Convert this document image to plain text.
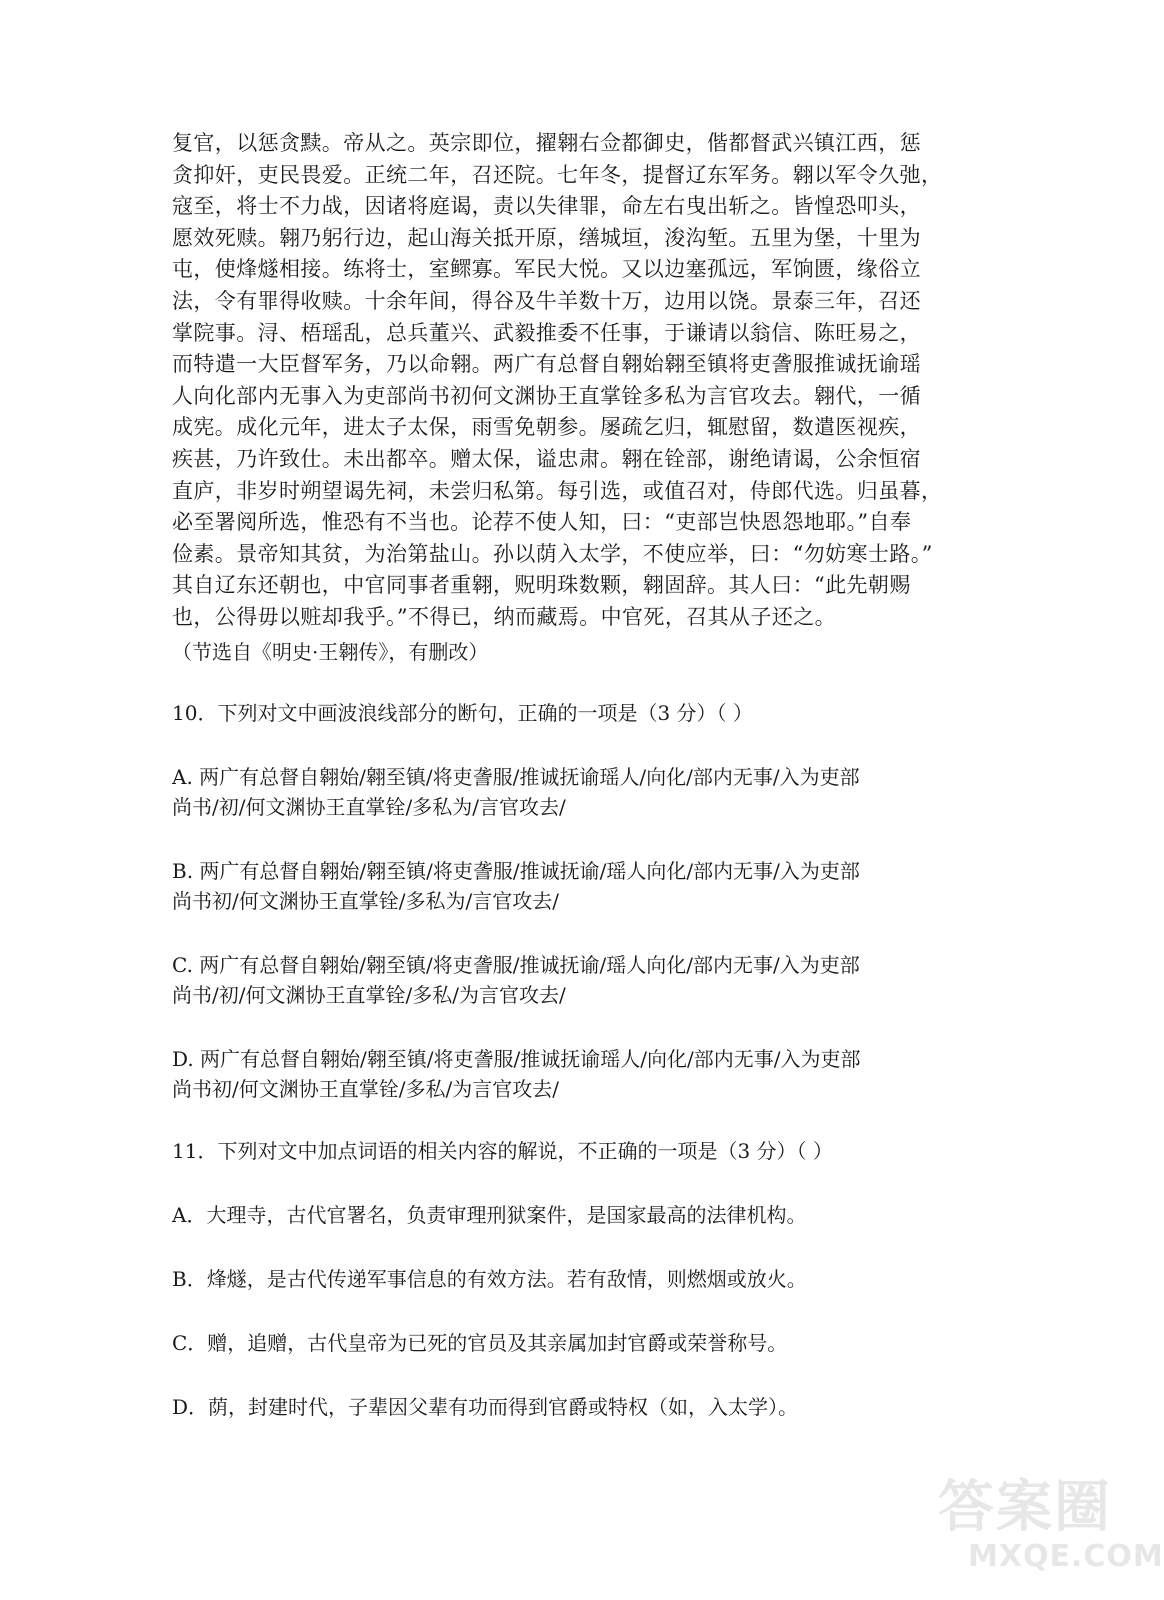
复官，以惩贪黩。帝从之。英宗即位，擢翱右佥都御史，偕都督武兴镇江西，惩
贪抑奸，吏民畏爱。正统二年，召还院。七年冬，提督辽东军务。翱以军令久弛，
寇至，将士不力战，因诸将庭谒，责以失律罪，命左右曳出斩之。皆惶恐叩头，
愿效死赎。翱乃躬行边，起山海关抵开原，缮城垣，浚沟堑。五里为堡，十里为
屯，使烽燧相接。练将士，室鳏寡。军民大悦。又以边塞孤远，军饷匮，缘俗立
法，令有罪得收赎。十余年间，得谷及牛羊数十万，边用以饶。景泰三年，召还
掌院事。浔、梧瑶乱，总兵董兴、武毅推委不任事，于谦请以翁信、陈旺易之，
而特遣一大臣督军务，乃以命翱。两广有总督自翱始翱至镇将吏詟服推诚抚谕瑶
人向化部内无事入为吏部尚书初何文渊协王直掌铨多私为言官攻去。翱代，一循
成宪。成化元年，进太子太保，雨雪免朝参。屡疏乞归，辄慰留，数遣医视疾，
疾甚，乃许致仕。未出都卒。赠太保，谥忠肃。翱在铨部，谢绝请谒，公余恒宿
直庐，非岁时朔望谒先祠，未尝归私第。每引选，或值召对，侍郎代选。归虽暮，
必至署阅所选，惟恐有不当也。论荐不使人知，曰：“吏部岂快恩怨地耶。”自奉
俭素。景帝知其贫，为治第盐山。孙以荫入太学，不使应举，曰：“勿妨寒士路。”
其自辽东还朝也，中官同事者重翱，贶明珠数颗，翱固辞。其人曰：“此先朝赐
也，公得毋以赃却我乎。”不得已，纳而藏焉。中官死，召其从子还之。

（节选自《明史·王翱传》，有删改）

10．下列对文中画波浪线部分的断句，正确的一项是（3 分）（ ）

A. 两广有总督自翱始/翱至镇/将吏詟服/推诚抚谕瑶人/向化/部内无事/入为吏部
尚书/初/何文渊协王直掌铨/多私为/言官攻去/
B. 两广有总督自翱始/翱至镇/将吏詟服/推诚抚谕/瑶人向化/部内无事/入为吏部
尚书初/何文渊协王直掌铨/多私为/言官攻去/
C. 两广有总督自翱始/翱至镇/将吏詟服/推诚抚谕/瑶人向化/部内无事/入为吏部
尚书/初/何文渊协王直掌铨/多私/为言官攻去/
D. 两广有总督自翱始/翱至镇/将吏詟服/推诚抚谕瑶人/向化/部内无事/入为吏部
尚书初/何文渊协王直掌铨/多私/为言官攻去/

11．下列对文中加点词语的相关内容的解说，不正确的一项是（3 分）（ ）

A．大理寺，古代官署名，负责审理刑狱案件，是国家最高的法律机构。

B．烽燧，是古代传递军事信息的有效方法。若有敌情，则燃烟或放火。

C．赠，追赠，古代皇帝为已死的官员及其亲属加封官爵或荣誉称号。

D．荫，封建时代，子辈因父辈有功而得到官爵或特权（如，入太学）。

答案圈
MXQE.COM
